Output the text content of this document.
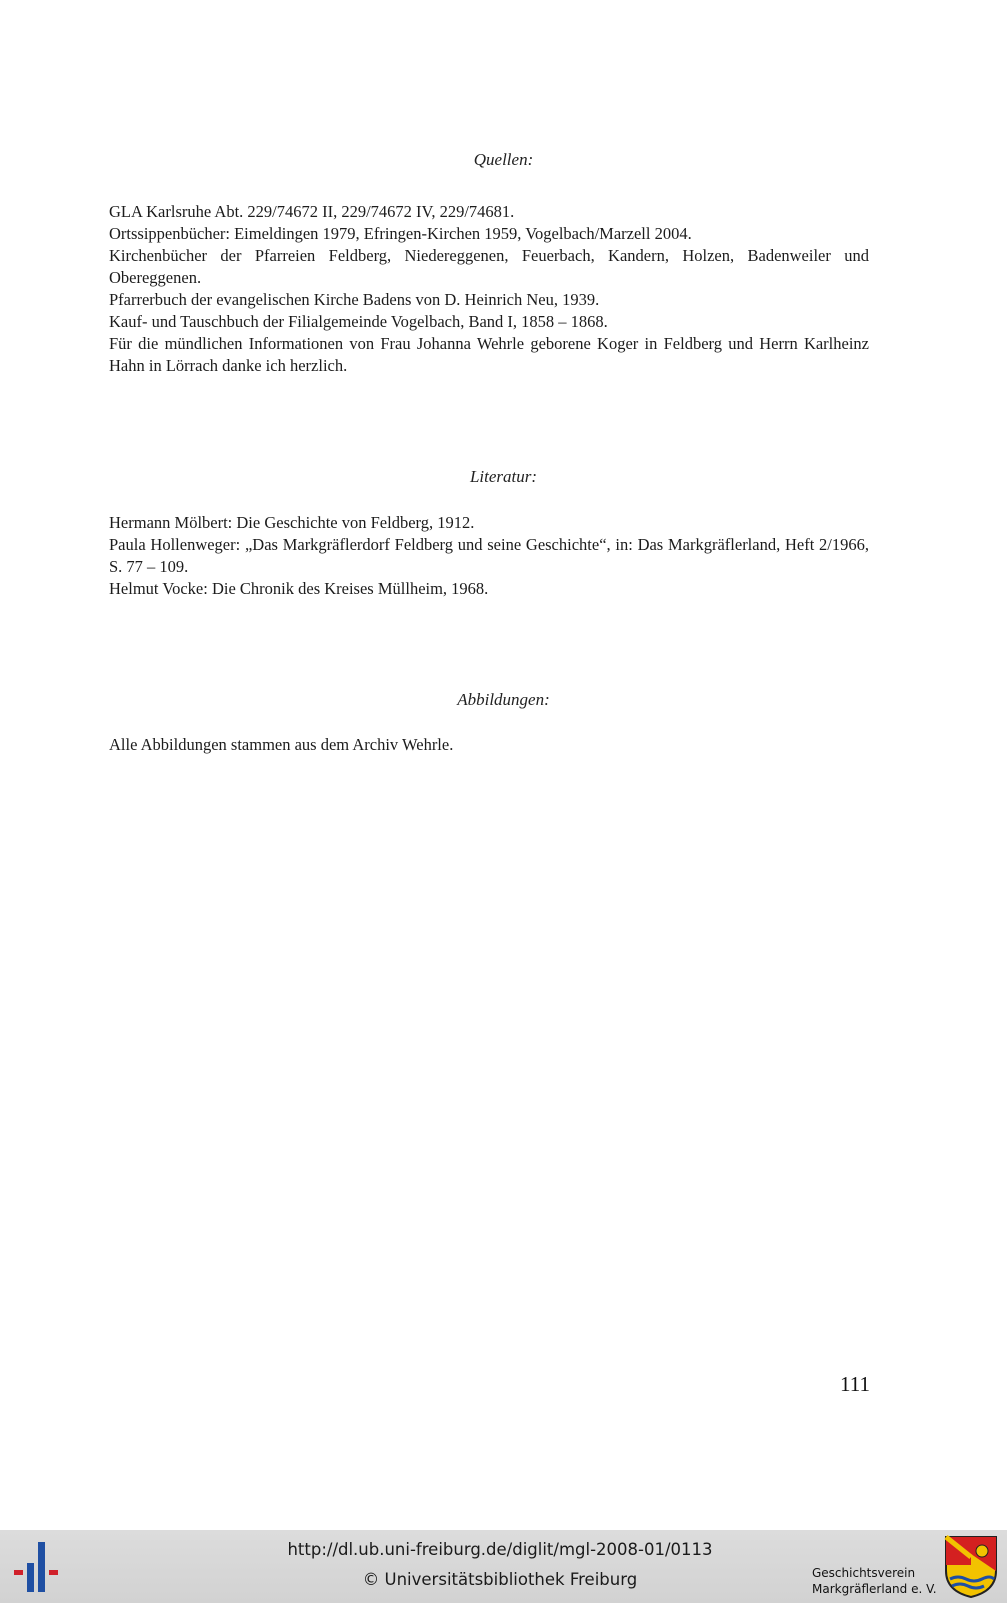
Quellen:

GLA Karlsruhe Abt. 229/74672 II, 229/74672 IV, 229/74681.

Ortssippenbücher: Eimeldingen 1979, Efringen-Kirchen 1959, Vogelbach/Marzell 2004.

Kirchenbücher der Pfarreien Feldberg, Niedereggenen, Feuerbach, Kandern, Holzen, Badenweiler und Obereggenen.

Pfarrerbuch der evangelischen Kirche Badens von D. Heinrich Neu, 1939.

Kauf- und Tauschbuch der Filialgemeinde Vogelbach, Band I, 1858 – 1868.

Für die mündlichen Informationen von Frau Johanna Wehrle geborene Koger in Feldberg und Herrn Karlheinz Hahn in Lörrach danke ich herzlich.

Literatur:

Hermann Mölbert: Die Geschichte von Feldberg, 1912.

Paula Hollenweger: „Das Markgräflerdorf Feldberg und seine Geschichte“, in: Das Markgräflerland, Heft 2/1966, S. 77 – 109.

Helmut Vocke: Die Chronik des Kreises Müllheim, 1968.

Abbildungen:

Alle Abbildungen stammen aus dem Archiv Wehrle.

111
http://dl.ub.uni-freiburg.de/diglit/mgl-2008-01/0113
© Universitätsbibliothek Freiburg	Geschichtsverein
Markgräflerland e. V.
